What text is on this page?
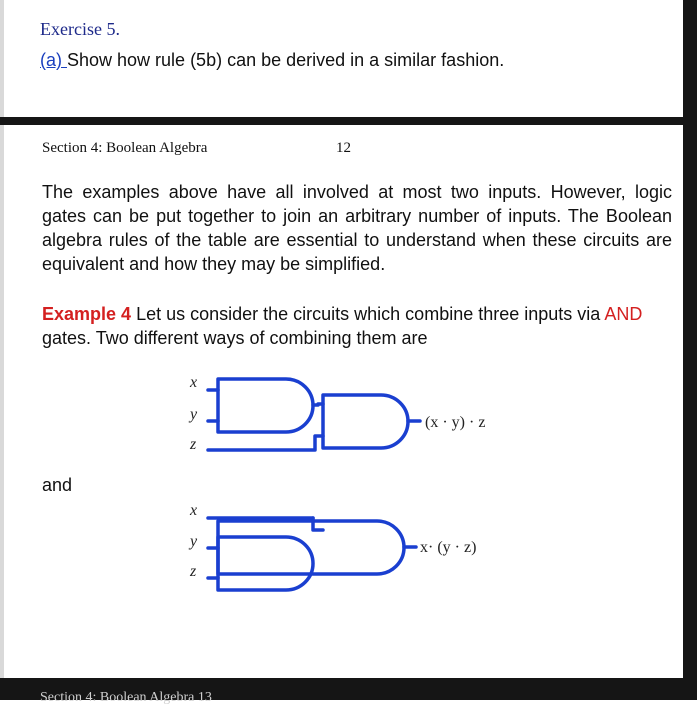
Exercise 5.
(a) Show how rule (5b) can be derived in a similar fashion.
Section 4: Boolean Algebra	12
The examples above have all involved at most two inputs. However, logic gates can be put together to join an arbitrary number of inputs. The Boolean algebra rules of the table are essential to understand when these circuits are equivalent and how they may be simplified.
Example 4 Let us consider the circuits which combine three inputs via AND gates. Two different ways of combining them are
and
x
y
z
(x · y) · z
x
y
z
x· (y · z)
Section 4: Boolean Algebra 13
